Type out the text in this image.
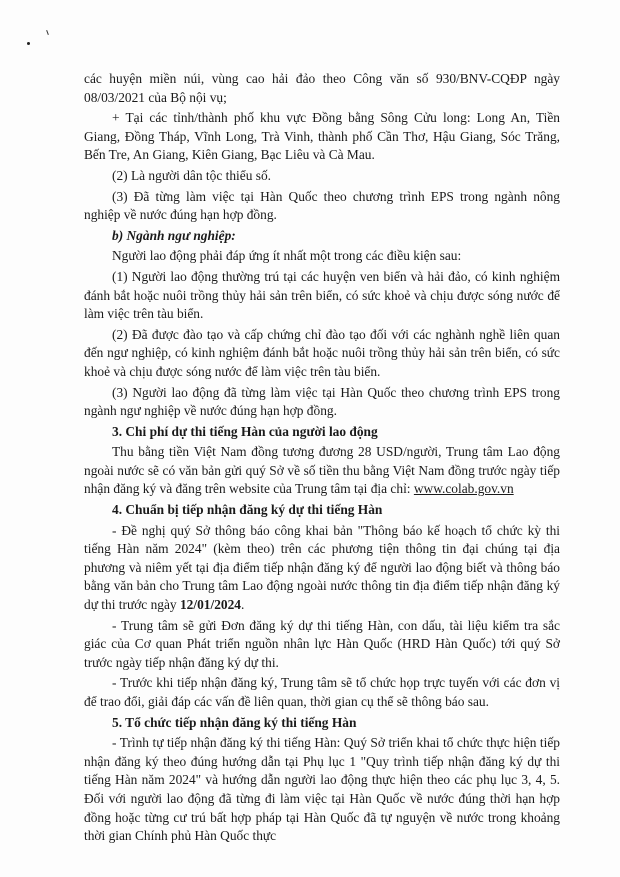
các huyện miền núi, vùng cao hải đảo theo Công văn số 930/BNV-CQĐP ngày 08/03/2021 của Bộ nội vụ;

+ Tại các tỉnh/thành phố khu vực Đồng bằng Sông Cửu long: Long An, Tiền Giang, Đồng Tháp, Vĩnh Long, Trà Vinh, thành phố Cần Thơ, Hậu Giang, Sóc Trăng, Bến Tre, An Giang, Kiên Giang, Bạc Liêu và Cà Mau.

(2) Là người dân tộc thiểu số.

(3) Đã từng làm việc tại Hàn Quốc theo chương trình EPS trong ngành nông nghiệp về nước đúng hạn hợp đồng.

b) Ngành ngư nghiệp:

Người lao động phải đáp ứng ít nhất một trong các điều kiện sau:

(1) Người lao động thường trú tại các huyện ven biển và hải đảo, có kinh nghiệm đánh bắt hoặc nuôi trồng thủy hải sản trên biển, có sức khoẻ và chịu được sóng nước để làm việc trên tàu biển.

(2) Đã được đào tạo và cấp chứng chỉ đào tạo đối với các nghành nghề liên quan đến ngư nghiệp, có kinh nghiệm đánh bắt hoặc nuôi trồng thủy hải sản trên biển, có sức khoẻ và chịu được sóng nước để làm việc trên tàu biển.

(3) Người lao động đã từng làm việc tại Hàn Quốc theo chương trình EPS trong ngành ngư nghiệp về nước đúng hạn hợp đồng.

3. Chi phí dự thi tiếng Hàn của người lao động

Thu bằng tiền Việt Nam đồng tương đương 28 USD/người, Trung tâm Lao động ngoài nước sẽ có văn bản gửi quý Sở về số tiền thu bằng Việt Nam đồng trước ngày tiếp nhận đăng ký và đăng trên website của Trung tâm tại địa chỉ: www.colab.gov.vn

4. Chuẩn bị tiếp nhận đăng ký dự thi tiếng Hàn

- Đề nghị quý Sở thông báo công khai bản "Thông báo kế hoạch tổ chức kỳ thi tiếng Hàn năm 2024" (kèm theo) trên các phương tiện thông tin đại chúng tại địa phương và niêm yết tại địa điểm tiếp nhận đăng ký để người lao động biết và thông báo bằng văn bản cho Trung tâm Lao động ngoài nước thông tin địa điểm tiếp nhận đăng ký dự thi trước ngày 12/01/2024.

- Trung tâm sẽ gửi Đơn đăng ký dự thi tiếng Hàn, con dấu, tài liệu kiểm tra sắc giác của Cơ quan Phát triển nguồn nhân lực Hàn Quốc (HRD Hàn Quốc) tới quý Sở trước ngày tiếp nhận đăng ký dự thi.

- Trước khi tiếp nhận đăng ký, Trung tâm sẽ tổ chức họp trực tuyến với các đơn vị để trao đổi, giải đáp các vấn đề liên quan, thời gian cụ thể sẽ thông báo sau.

5. Tổ chức tiếp nhận đăng ký thi tiếng Hàn

- Trình tự tiếp nhận đăng ký thi tiếng Hàn: Quý Sở triển khai tổ chức thực hiện tiếp nhận đăng ký theo đúng hướng dẫn tại Phụ lục 1 "Quy trình tiếp nhận đăng ký dự thi tiếng Hàn năm 2024" và hướng dẫn người lao động thực hiện theo các phụ lục 3, 4, 5. Đối với người lao động đã từng đi làm việc tại Hàn Quốc về nước đúng thời hạn hợp đồng hoặc từng cư trú bất hợp pháp tại Hàn Quốc đã tự nguyện về nước trong khoảng thời gian Chính phủ Hàn Quốc thực
